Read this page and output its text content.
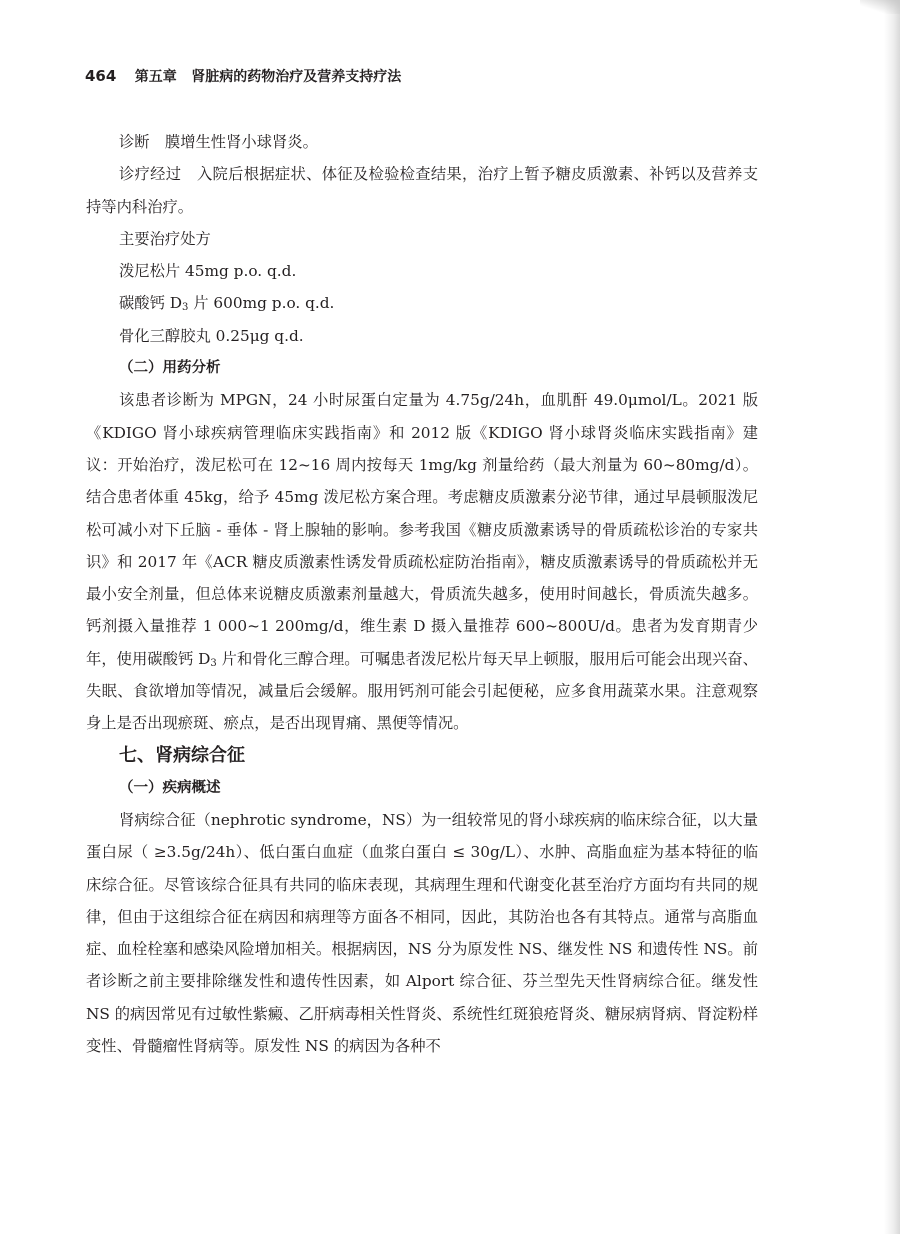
464 第五章 肾脏病的药物治疗及营养支持疗法

诊断　膜增生性肾小球肾炎。

诊疗经过　入院后根据症状、体征及检验检查结果，治疗上暂予糖皮质激素、补钙以及营养支持等内科治疗。

主要治疗处方

泼尼松片 45mg p.o. q.d.

碳酸钙 $D_3$ 片 600mg p.o. q.d.

骨化三醇胶丸 0.25μg q.d.

（二）用药分析

该患者诊断为 MPGN，24 小时尿蛋白定量为 4.75g/24h，血肌酐 49.0μmol/L。2021 版《KDIGO 肾小球疾病管理临床实践指南》和 2012 版《KDIGO 肾小球肾炎临床实践指南》建议：开始治疗，泼尼松可在 12~16 周内按每天 1mg/kg 剂量给药（最大剂量为 60~80mg/d）。结合患者体重 45kg，给予 45mg 泼尼松方案合理。考虑糖皮质激素分泌节律，通过早晨顿服泼尼松可减小对下丘脑 - 垂体 - 肾上腺轴的影响。参考我国《糖皮质激素诱导的骨质疏松诊治的专家共识》和 2017 年《ACR 糖皮质激素性诱发骨质疏松症防治指南》，糖皮质激素诱导的骨质疏松并无最小安全剂量，但总体来说糖皮质激素剂量越大，骨质流失越多，使用时间越长，骨质流失越多。钙剂摄入量推荐 1 000~1 200mg/d，维生素 D 摄入量推荐 600~800U/d。患者为发育期青少年，使用碳酸钙 $D_3$ 片和骨化三醇合理。可嘱患者泼尼松片每天早上顿服，服用后可能会出现兴奋、失眠、食欲增加等情况，减量后会缓解。服用钙剂可能会引起便秘，应多食用蔬菜水果。注意观察身上是否出现瘀斑、瘀点，是否出现胃痛、黑便等情况。

七、肾病综合征

（一）疾病概述

肾病综合征（nephrotic syndrome，NS）为一组较常见的肾小球疾病的临床综合征，以大量蛋白尿（ ≥3.5g/24h）、低白蛋白血症（血浆白蛋白 ≤ 30g/L）、水肿、高脂血症为基本特征的临床综合征。尽管该综合征具有共同的临床表现，其病理生理和代谢变化甚至治疗方面均有共同的规律，但由于这组综合征在病因和病理等方面各不相同，因此，其防治也各有其特点。通常与高脂血症、血栓栓塞和感染风险增加相关。根据病因，NS 分为原发性 NS、继发性 NS 和遗传性 NS。前者诊断之前主要排除继发性和遗传性因素，如 Alport 综合征、芬兰型先天性肾病综合征。继发性 NS 的病因常见有过敏性紫癜、乙肝病毒相关性肾炎、系统性红斑狼疮肾炎、糖尿病肾病、肾淀粉样变性、骨髓瘤性肾病等。原发性 NS 的病因为各种不
